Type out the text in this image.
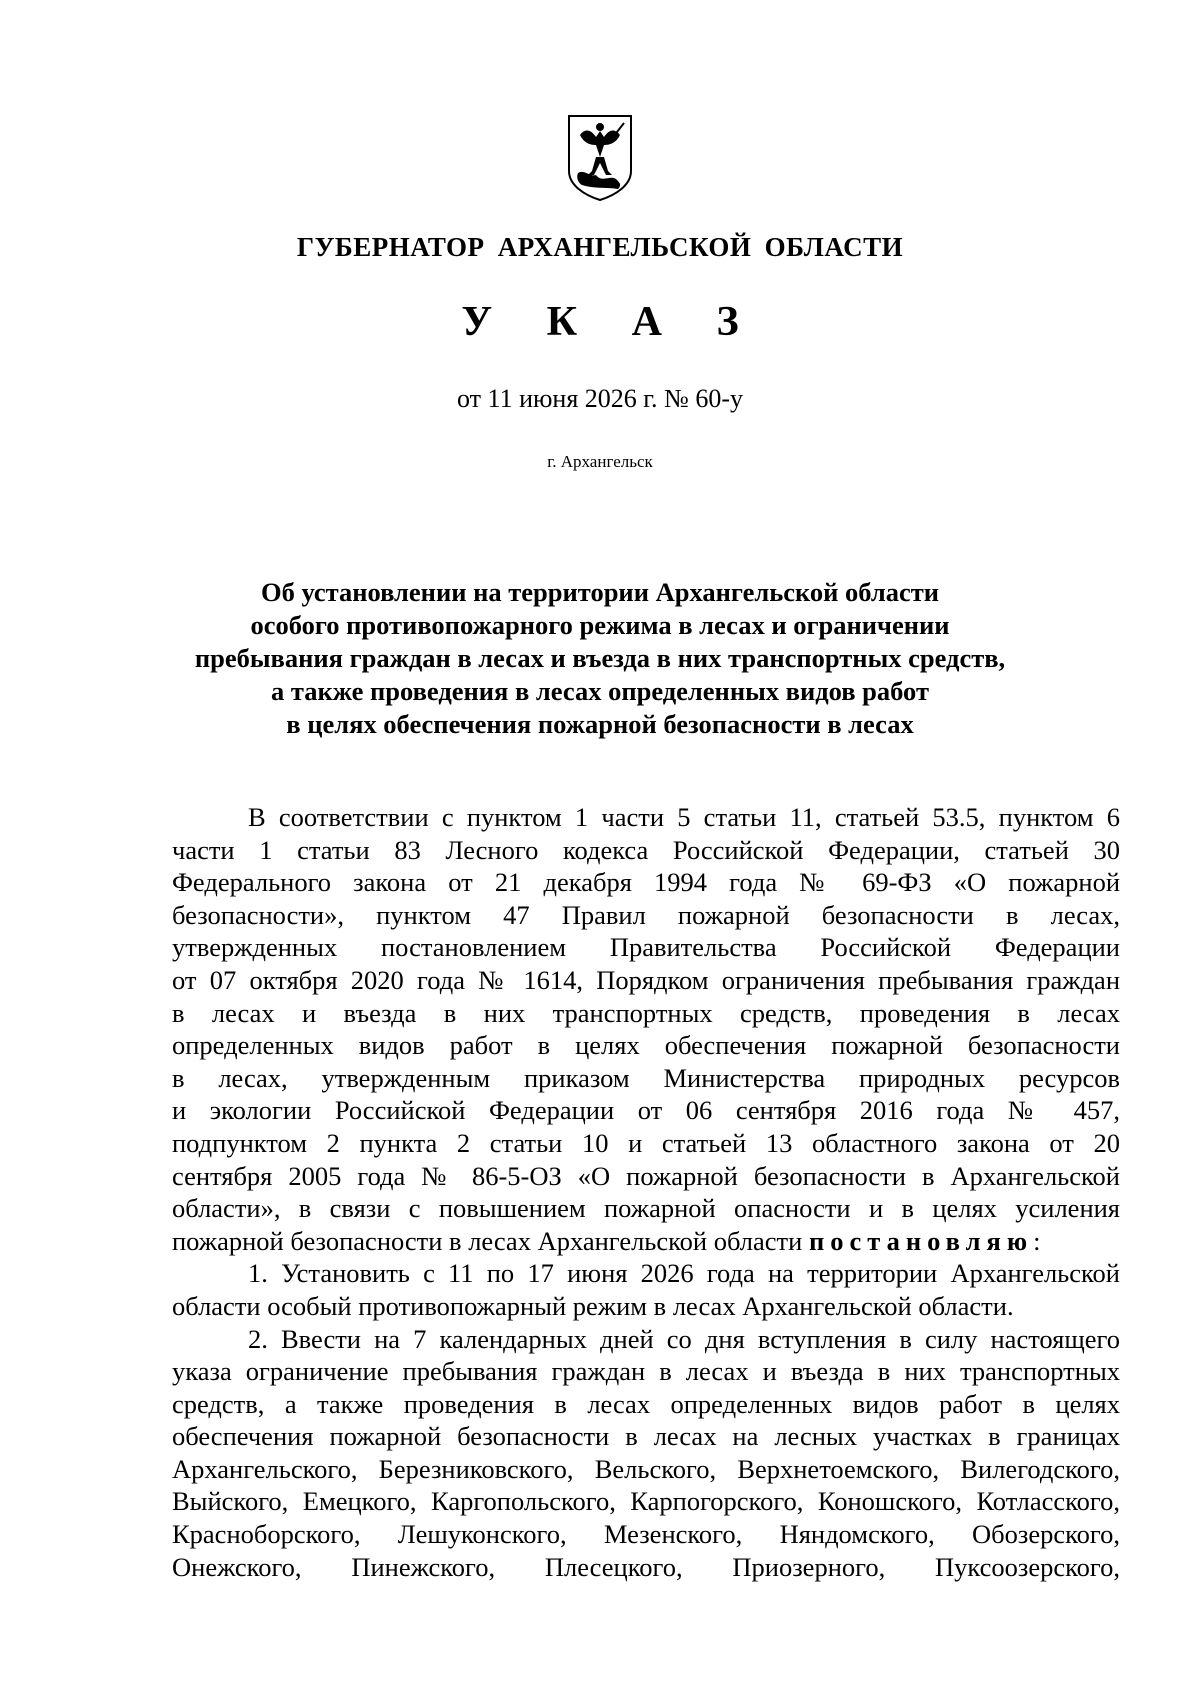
ГУБЕРНАТОР АРХАНГЕЛЬСКОЙ ОБЛАСТИ
У К А З
от 11 июня 2026 г. № 60-у
г. Архангельск
Об установлении на территории Архангельской области
особого противопожарного режима в лесах и ограничении
пребывания граждан в лесах и въезда в них транспортных средств,
а также проведения в лесах определенных видов работ
в целях обеспечения пожарной безопасности в лесах
В соответствии с пунктом 1 части 5 статьи 11, статьей 53.5, пунктом 6
части 1 статьи 83 Лесного кодекса Российской Федерации, статьей 30
Федерального закона от 21 декабря 1994 года № 69-ФЗ «О пожарной
безопасности», пунктом 47 Правил пожарной безопасности в лесах,
утвержденных постановлением Правительства Российской Федерации
от 07 октября 2020 года № 1614, Порядком ограничения пребывания граждан
в лесах и въезда в них транспортных средств, проведения в лесах
определенных видов работ в целях обеспечения пожарной безопасности
в лесах, утвержденным приказом Министерства природных ресурсов
и экологии Российской Федерации от 06 сентября 2016 года № 457,
подпунктом 2 пункта 2 статьи 10 и статьей 13 областного закона от 20
сентября 2005 года № 86-5-ОЗ «О пожарной безопасности в Архангельской
области», в связи с повышением пожарной опасности и в целях усиления
пожарной безопасности в лесах Архангельской области постановляю:
1. Установить с 11 по 17 июня 2026 года на территории Архангельской
области особый противопожарный режим в лесах Архангельской области.
2. Ввести на 7 календарных дней со дня вступления в силу настоящего
указа ограничение пребывания граждан в лесах и въезда в них транспортных
средств, а также проведения в лесах определенных видов работ в целях
обеспечения пожарной безопасности в лесах на лесных участках в границах
Архангельского, Березниковского, Вельского, Верхнетоемского, Вилегодского,
Выйского, Емецкого, Каргопольского, Карпогорского, Коношского, Котласского,
Красноборского, Лешуконского, Мезенского, Няндомского, Обозерского,
Онежского, Пинежского, Плесецкого, Приозерного, Пуксоозерского,
